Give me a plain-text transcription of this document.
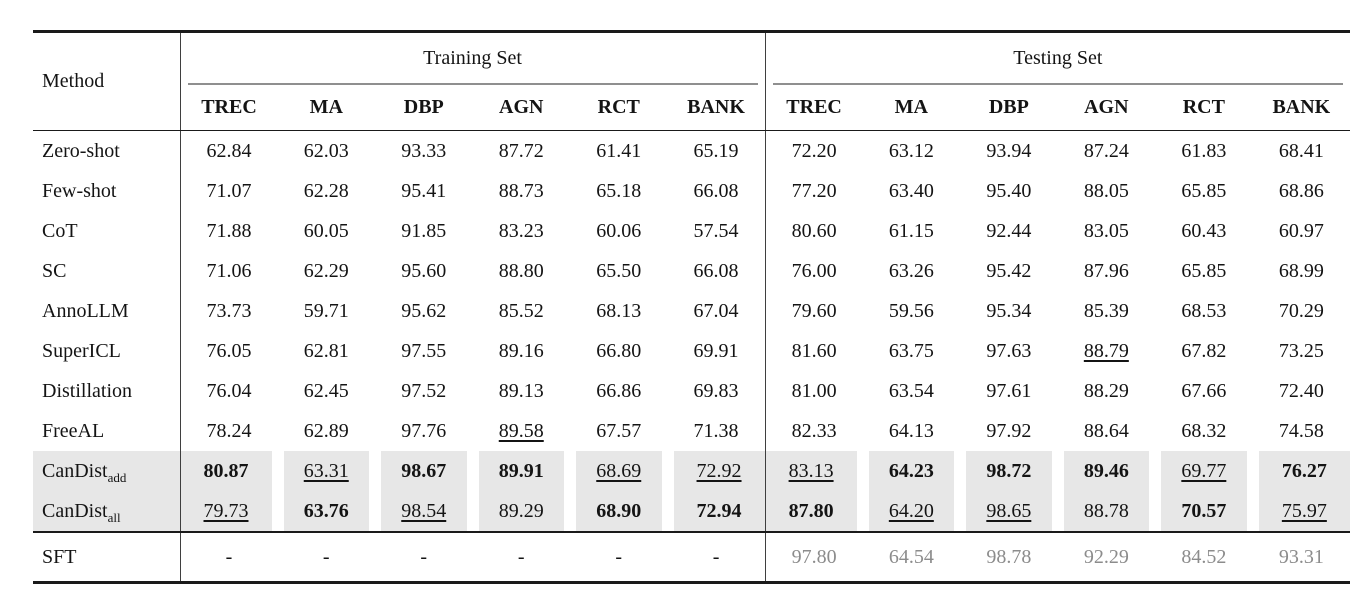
Method	Training Set						Testing Set					
	TREC	MA	DBP	AGN	RCT	BANK	TREC	MA	DBP	AGN	RCT	BANK
Zero-shot	62.84	62.03	93.33	87.72	61.41	65.19	72.20	63.12	93.94	87.24	61.83	68.41
Few-shot	71.07	62.28	95.41	88.73	65.18	66.08	77.20	63.40	95.40	88.05	65.85	68.86
CoT	71.88	60.05	91.85	83.23	60.06	57.54	80.60	61.15	92.44	83.05	60.43	60.97
SC	71.06	62.29	95.60	88.80	65.50	66.08	76.00	63.26	95.42	87.96	65.85	68.99
AnnoLLM	73.73	59.71	95.62	85.52	68.13	67.04	79.60	59.56	95.34	85.39	68.53	70.29
SuperICL	76.05	62.81	97.55	89.16	66.80	69.91	81.60	63.75	97.63	88.79	67.82	73.25
Distillation	76.04	62.45	97.52	89.13	66.86	69.83	81.00	63.54	97.61	88.29	67.66	72.40
FreeAL	78.24	62.89	97.76	89.58	67.57	71.38	82.33	64.13	97.92	88.64	68.32	74.58
CanDist$_{add}$	80.87	63.31	98.67	89.91	68.69	72.92	83.13	64.23	98.72	89.46	69.77	76.27
CanDist$_{all}$	79.73	63.76	98.54	89.29	68.90	72.94	87.80	64.20	98.65	88.78	70.57	75.97
SFT	-	-	-	-	-	-	97.80	64.54	98.78	92.29	84.52	93.31
